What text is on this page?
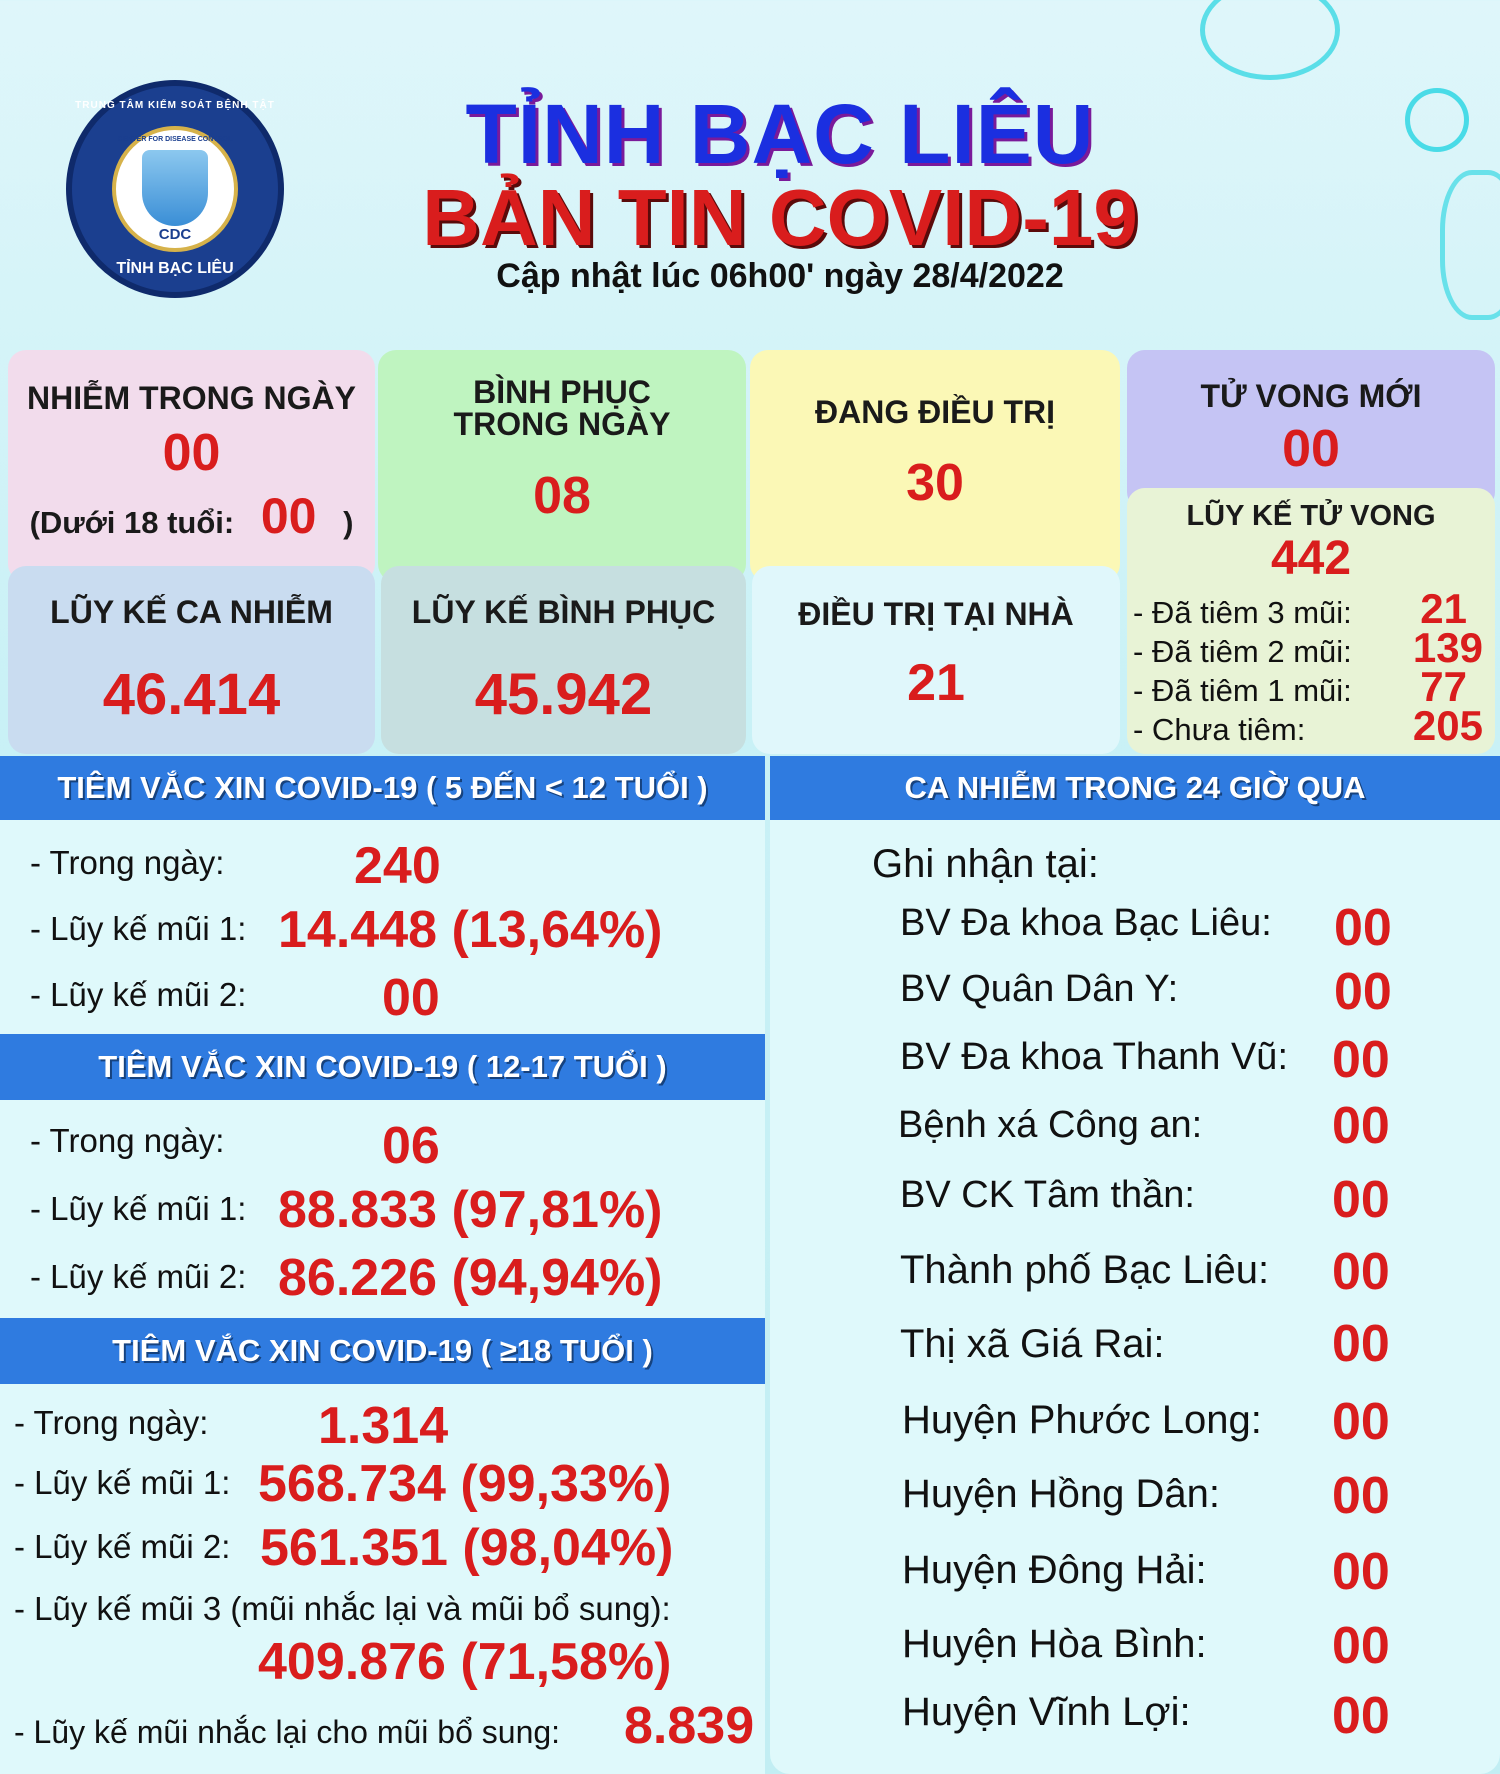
TRUNG TÂM KIỂM SOÁT BỆNH TẬT
CENTER FOR DISEASE CONTROL
CDC
TỈNH BẠC LIÊU
TỈNH BẠC LIÊU
BẢN TIN COVID-19
Cập nhật lúc 06h00' ngày 28/4/2022
NHIỄM TRONG NGÀY
00
(Dưới 18 tuổi: 00 )
BÌNH PHỤC
TRONG NGÀY
08
ĐANG ĐIỀU TRỊ
30
TỬ VONG MỚI
00
LŨY KẾ CA NHIỄM
46.414
LŨY KẾ BÌNH PHỤC
45.942
ĐIỀU TRỊ TẠI NHÀ
21
LŨY KẾ TỬ VONG
442
- Đã tiêm 3 mũi: 21
- Đã tiêm 2 mũi: 139
- Đã tiêm 1 mũi: 77
- Chưa tiêm:	205
TIÊM VẮC XIN COVID-19 ( 5 ĐẾN < 12 TUỔI )
- Trong ngày: 240
- Lũy kế mũi 1: 14.448 (13,64%)
- Lũy kế mũi 2:	00
TIÊM VẮC XIN COVID-19 ( 12-17 TUỔI )
- Trong ngày:	06
- Lũy kế mũi 1: 88.833 (97,81%)
- Lũy kế mũi 2: 86.226 (94,94%)
TIÊM VẮC XIN COVID-19 ( ≥18 TUỔI )
- Trong ngày: 1.314
- Lũy kế mũi 1: 568.734 (99,33%)
- Lũy kế mũi 2: 561.351 (98,04%)
- Lũy kế mũi 3 (mũi nhắc lại và mũi bổ sung):
409.876 (71,58%)
- Lũy kế mũi nhắc lại cho mũi bổ sung: 8.839
CA NHIỄM TRONG 24 GIỜ QUA
Ghi nhận tại:
BV Đa khoa Bạc Liêu: 00
BV Quân Dân Y:	00
BV Đa khoa Thanh Vũ: 00
Bệnh xá Công an: 00
BV CK Tâm thần:	00
Thành phố Bạc Liêu: 00
Thị xã Giá Rai:	00
Huyện Phước Long: 00
Huyện Hồng Dân: 00
Huyện Đông Hải: 00
Huyện Hòa Bình: 00
Huyện Vĩnh Lợi:	00
